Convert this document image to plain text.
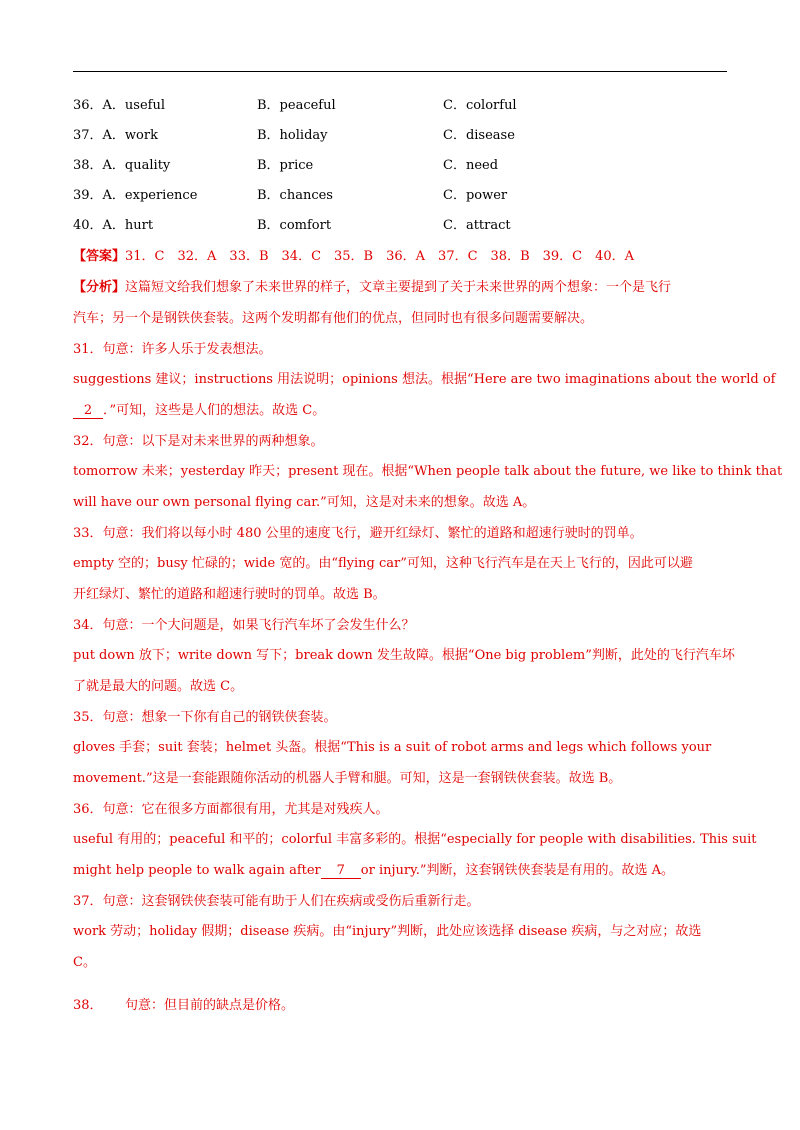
36．A．useful	B．peaceful	C．colorful
37．A．work	B．holiday	C．disease
38．A．quality	B．price	C．need
39．A．experience	B．chances	C．power
40．A．hurt	B．comfort	C．attract
【答案】31．C　32．A　33．B　34．C　35．B　36．A　37．C　38．B　39．C　40．A
【分析】这篇短文给我们想象了未来世界的样子，文章主要提到了关于未来世界的两个想象：一个是飞行
汽车；另一个是钢铁侠套装。这两个发明都有他们的优点，但同时也有很多问题需要解决。
31．句意：许多人乐于发表想法。
suggestions 建议；instructions 用法说明；opinions 想法。根据“Here are two imaginations about the world of
2 ．”可知，这些是人们的想法。故选 C。
32．句意：以下是对未来世界的两种想象。
tomorrow 未来；yesterday 昨天；present 现在。根据“When people talk about the future, we like to think that
will have our own personal flying car.”可知，这是对未来的想象。故选 A。
33．句意：我们将以每小时 480 公里的速度飞行，避开红绿灯、繁忙的道路和超速行驶时的罚单。
empty 空的；busy 忙碌的；wide 宽的。由“flying car”可知，这种飞行汽车是在天上飞行的，因此可以避
开红绿灯、繁忙的道路和超速行驶时的罚单。故选 B。
34．句意：一个大问题是，如果飞行汽车坏了会发生什么？
put down 放下；write down 写下；break down 发生故障。根据“One big problem”判断，此处的飞行汽车坏
了就是最大的问题。故选 C。
35．句意：想象一下你有自己的钢铁侠套装。
gloves 手套；suit 套装；helmet 头盔。根据“This is a suit of robot arms and legs which follows your
movement.”这是一套能跟随你活动的机器人手臂和腿。可知，这是一套钢铁侠套装。故选 B。
36．句意：它在很多方面都很有用，尤其是对残疾人。
useful 有用的；peaceful 和平的；colorful 丰富多彩的。根据“especially for people with disabilities. This suit
might help people to walk again after 7 or injury.”判断，这套钢铁侠套装是有用的。故选 A。
37．句意：这套钢铁侠套装可能有助于人们在疾病或受伤后重新行走。
work 劳动；holiday 假期；disease 疾病。由“injury”判断，此处应该选择 disease 疾病，与之对应；故选
C。
38． 句意：但目前的缺点是价格。
